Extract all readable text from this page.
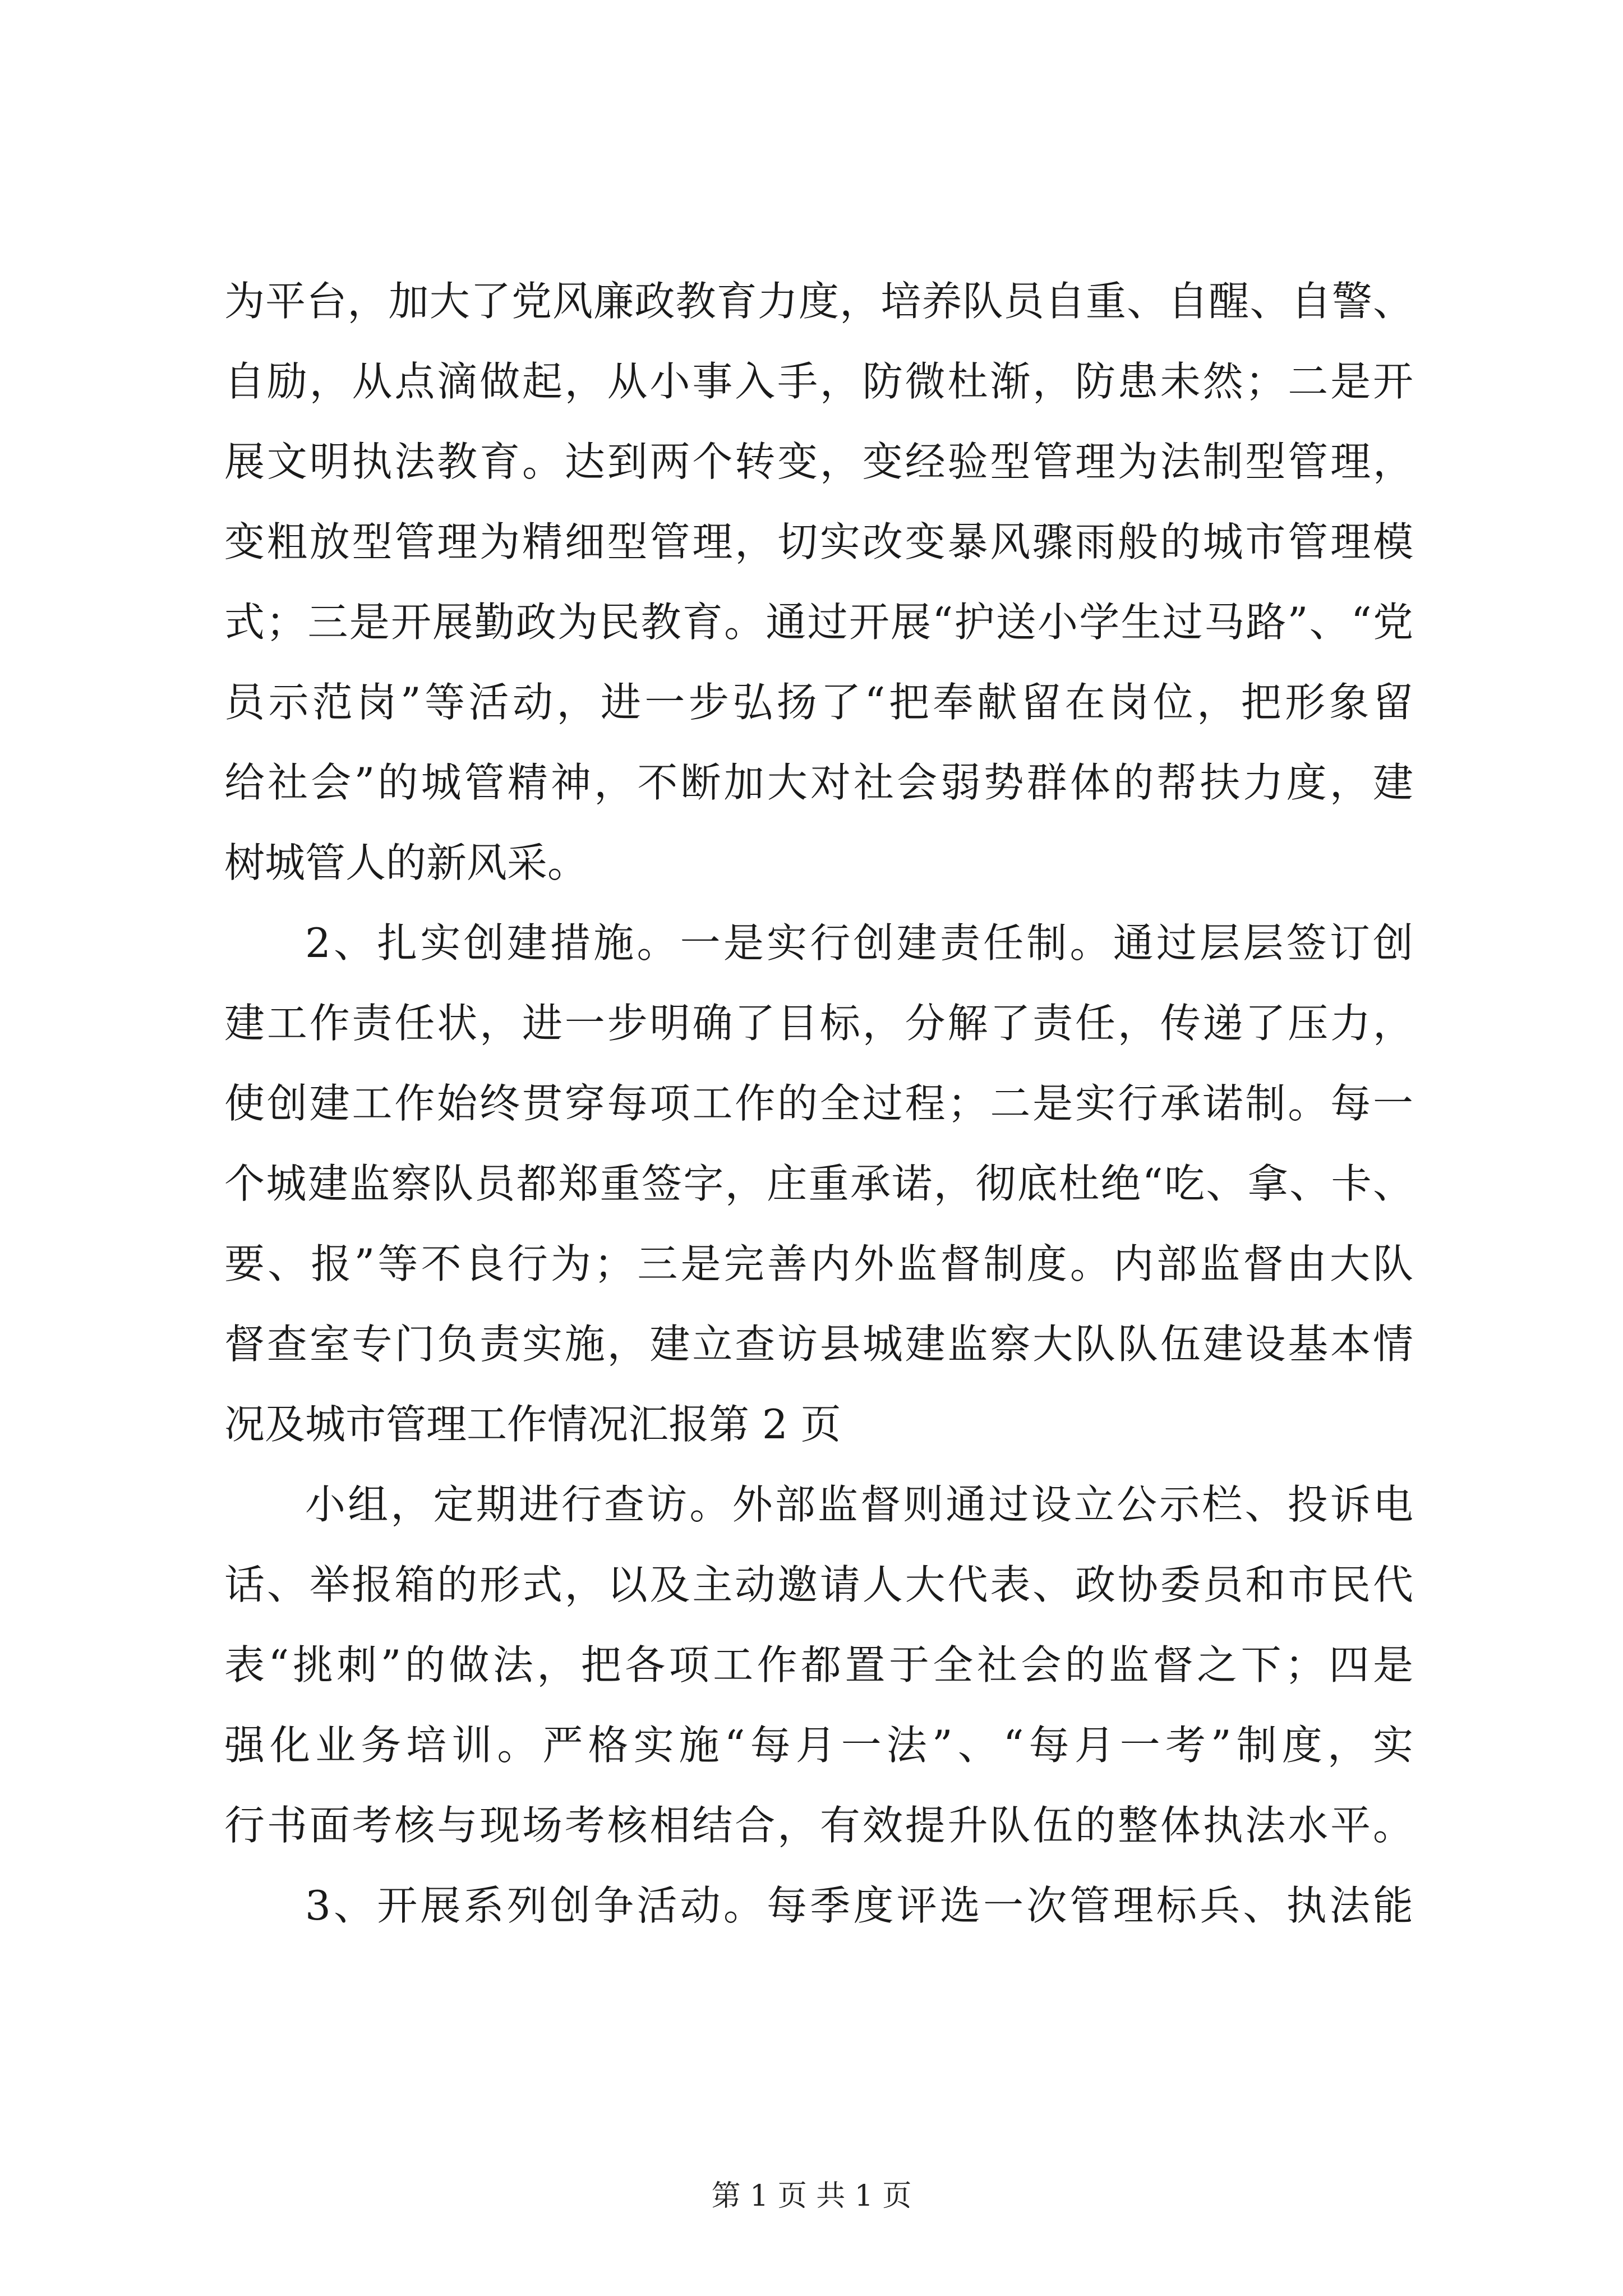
为平台，加大了党风廉政教育力度，培养队员自重、自醒、自警、
自励，从点滴做起，从小事入手，防微杜渐，防患未然；二是开
展文明执法教育。达到两个转变，变经验型管理为法制型管理，
变粗放型管理为精细型管理，切实改变暴风骤雨般的城市管理模
式；三是开展勤政为民教育。通过开展“护送小学生过马路”、“党
员示范岗”等活动，进一步弘扬了“把奉献留在岗位，把形象留
给社会”的城管精神，不断加大对社会弱势群体的帮扶力度，建
树城管人的新风采。
2、扎实创建措施。一是实行创建责任制。通过层层签订创
建工作责任状，进一步明确了目标，分解了责任，传递了压力，
使创建工作始终贯穿每项工作的全过程；二是实行承诺制。每一
个城建监察队员都郑重签字，庄重承诺，彻底杜绝“吃、拿、卡、
要、报”等不良行为；三是完善内外监督制度。内部监督由大队
督查室专门负责实施，建立查访县城建监察大队队伍建设基本情
况及城市管理工作情况汇报第 2 页
小组，定期进行查访。外部监督则通过设立公示栏、投诉电
话、举报箱的形式，以及主动邀请人大代表、政协委员和市民代
表“挑刺”的做法，把各项工作都置于全社会的监督之下；四是
强化业务培训。严格实施“每月一法”、“每月一考”制度，实
行书面考核与现场考核相结合，有效提升队伍的整体执法水平。
3、开展系列创争活动。每季度评选一次管理标兵、执法能
第 1 页 共 1 页
